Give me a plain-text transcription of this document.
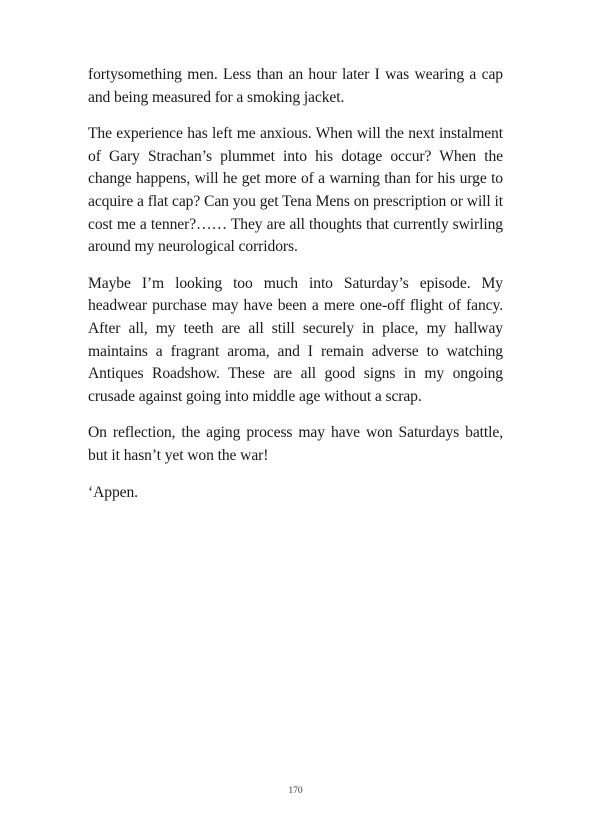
fortysomething men. Less than an hour later I was wearing a cap and being measured for a smoking jacket.

The experience has left me anxious. When will the next instalment of Gary Strachan’s plummet into his dotage occur? When the change happens, will he get more of a warning than for his urge to acquire a flat cap? Can you get Tena Mens on prescription or will it cost me a tenner?…… They are all thoughts that currently swirling around my neurological corridors.

Maybe I’m looking too much into Saturday’s episode. My headwear purchase may have been a mere one-off flight of fancy. After all, my teeth are all still securely in place, my hallway maintains a fragrant aroma, and I remain adverse to watching Antiques Roadshow. These are all good signs in my ongoing crusade against going into middle age without a scrap.

On reflection, the aging process may have won Saturdays battle, but it hasn’t yet won the war!

‘Appen.

170
